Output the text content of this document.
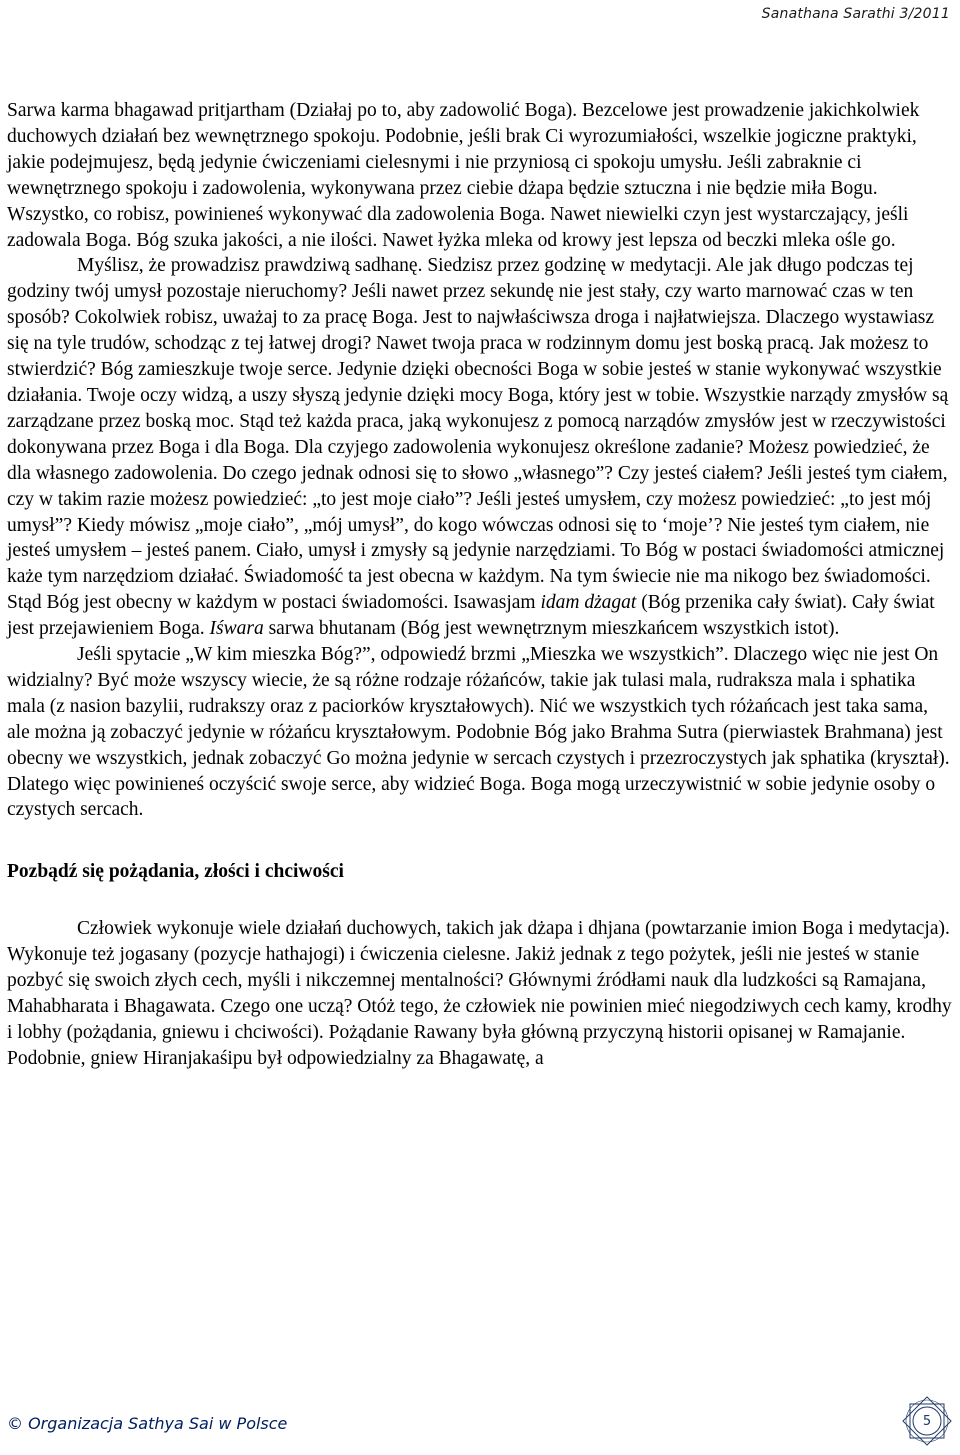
Sanathana Sarathi 3/2011

Sarwa karma bhagawad pritjartham (Działaj po to, aby zadowolić Boga). Bezcelowe jest prowadzenie jakichkolwiek duchowych działań bez wewnętrznego spokoju. Podobnie, jeśli brak Ci wyrozumiałości, wszelkie jogiczne praktyki, jakie podejmujesz, będą jedynie ćwiczeniami cielesnymi i nie przyniosą ci spokoju umysłu. Jeśli zabraknie ci wewnętrznego spokoju i zadowolenia, wykonywana przez ciebie dżapa będzie sztuczna i nie będzie miła Bogu. Wszystko, co robisz, powinieneś wykonywać dla zadowolenia Boga. Nawet niewielki czyn jest wystarczający, jeśli zadowala Boga. Bóg szuka jakości, a nie ilości. Nawet łyżka mleka od krowy jest lepsza od beczki mleka ośle go.

Myślisz, że prowadzisz prawdziwą sadhanę. Siedzisz przez godzinę w medytacji. Ale jak długo podczas tej godziny twój umysł pozostaje nieruchomy? Jeśli nawet przez sekundę nie jest stały, czy warto marnować czas w ten sposób? Cokolwiek robisz, uważaj to za pracę Boga. Jest to najwłaściwsza droga i najłatwiejsza. Dlaczego wystawiasz się na tyle trudów, schodząc z tej łatwej drogi? Nawet twoja praca w rodzinnym domu jest boską pracą. Jak możesz to stwierdzić? Bóg zamieszkuje twoje serce. Jedynie dzięki obecności Boga w sobie jesteś w stanie wykonywać wszystkie działania. Twoje oczy widzą, a uszy słyszą jedynie dzięki mocy Boga, który jest w tobie. Wszystkie narządy zmysłów są zarządzane przez boską moc. Stąd też każda praca, jaką wykonujesz z pomocą narządów zmysłów jest w rzeczywistości dokonywana przez Boga i dla Boga. Dla czyjego zadowolenia wykonujesz określone zadanie? Możesz powiedzieć, że dla własnego zadowolenia. Do czego jednak odnosi się to słowo „własnego”? Czy jesteś ciałem? Jeśli jesteś tym ciałem, czy w takim razie możesz powiedzieć: „to jest moje ciało”? Jeśli jesteś umysłem, czy możesz powiedzieć: „to jest mój umysł”? Kiedy mówisz „moje ciało”, „mój umysł”, do kogo wówczas odnosi się to ‘moje’? Nie jesteś tym ciałem, nie jesteś umysłem – jesteś panem. Ciało, umysł i zmysły są jedynie narzędziami. To Bóg w postaci świadomości atmicznej każe tym narzędziom działać. Świadomość ta jest obecna w każdym. Na tym świecie nie ma nikogo bez świadomości. Stąd Bóg jest obecny w każdym w postaci świadomości. Isawasjam idam dżagat (Bóg przenika cały świat). Cały świat jest przejawieniem Boga. Iśwara sarwa bhutanam (Bóg jest wewnętrznym mieszkańcem wszystkich istot).

Jeśli spytacie „W kim mieszka Bóg?”, odpowiedź brzmi „Mieszka we wszystkich”. Dlaczego więc nie jest On widzialny? Być może wszyscy wiecie, że są różne rodzaje różańców, takie jak tulasi mala, rudraksza mala i sphatika mala (z nasion bazylii, rudrakszy oraz z paciorków kryształowych). Nić we wszystkich tych różańcach jest taka sama, ale można ją zobaczyć jedynie w różańcu kryształowym. Podobnie Bóg jako Brahma Sutra (pierwiastek Brahmana) jest obecny we wszystkich, jednak zobaczyć Go można jedynie w sercach czystych i przezroczystych jak sphatika (kryształ). Dlatego więc powinieneś oczyścić swoje serce, aby widzieć Boga. Boga mogą urzeczywistnić w sobie jedynie osoby o czystych sercach.

Pozbądź się pożądania, złości i chciwości

Człowiek wykonuje wiele działań duchowych, takich jak dżapa i dhjana (powtarzanie imion Boga i medytacja). Wykonuje też jogasany (pozycje hathajogi) i ćwiczenia cielesne. Jakiż jednak z tego pożytek, jeśli nie jesteś w stanie pozbyć się swoich złych cech, myśli i nikczemnej mentalności? Głównymi źródłami nauk dla ludzkości są Ramajana, Mahabharata i Bhagawata. Czego one uczą? Otóż tego, że człowiek nie powinien mieć niegodziwych cech kamy, krodhy i lobhy (pożądania, gniewu i chciwości). Pożądanie Rawany była główną przyczyną historii opisanej w Ramajanie. Podobnie, gniew Hiranjakaśipu był odpowiedzialny za Bhagawatę, a

© Organizacja Sathya Sai w Polsce	5
